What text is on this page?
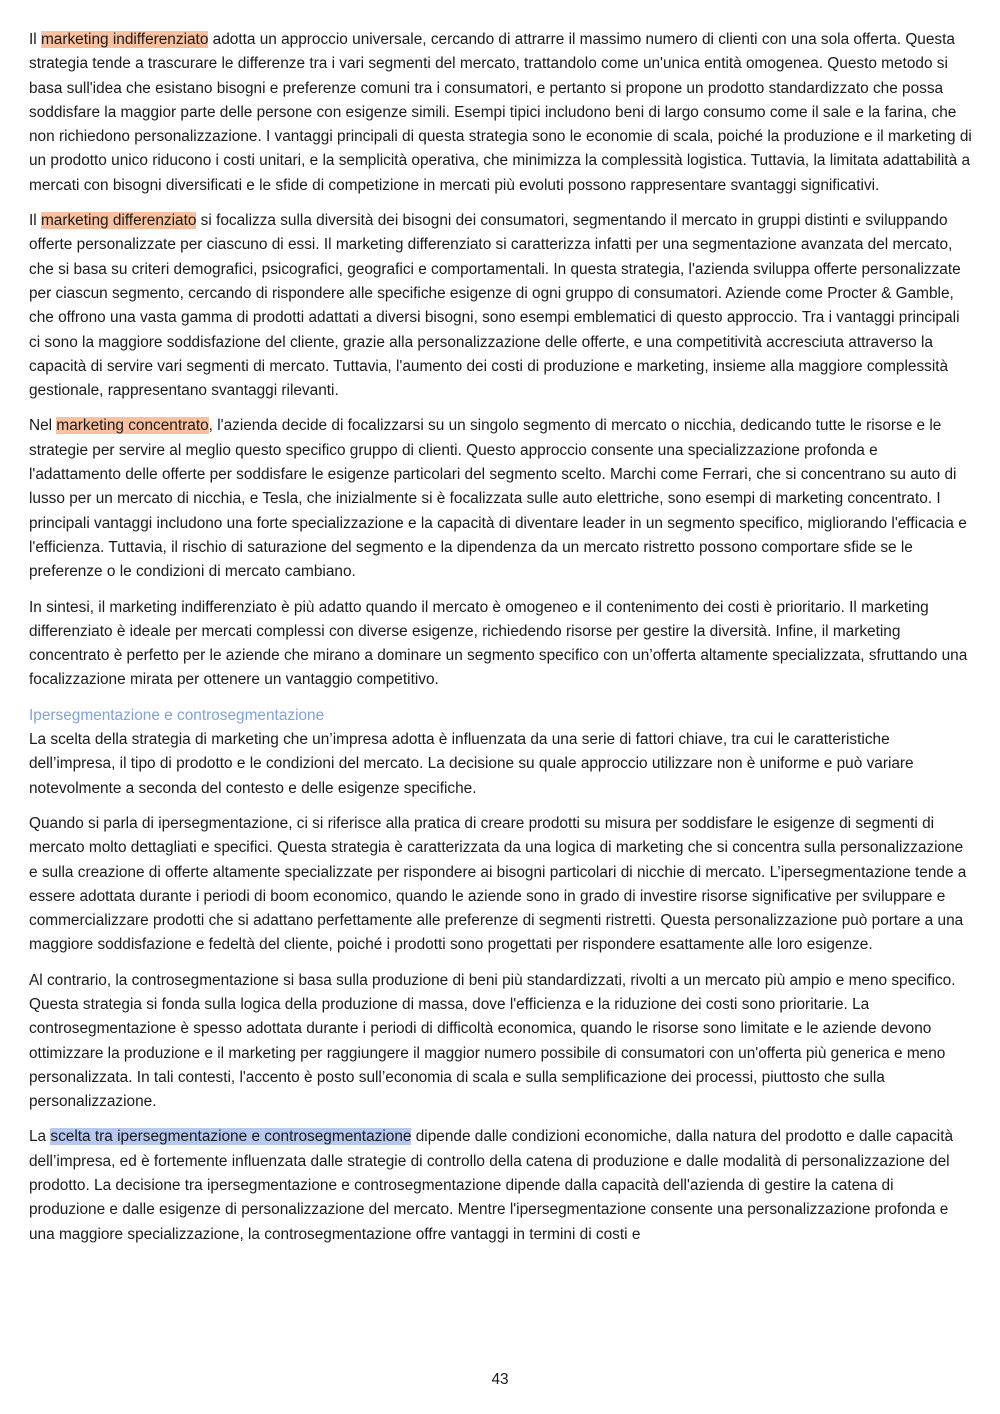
Il marketing indifferenziato adotta un approccio universale, cercando di attrarre il massimo numero di clienti con una sola offerta. Questa strategia tende a trascurare le differenze tra i vari segmenti del mercato, trattandolo come un'unica entità omogenea. Questo metodo si basa sull'idea che esistano bisogni e preferenze comuni tra i consumatori, e pertanto si propone un prodotto standardizzato che possa soddisfare la maggior parte delle persone con esigenze simili. Esempi tipici includono beni di largo consumo come il sale e la farina, che non richiedono personalizzazione. I vantaggi principali di questa strategia sono le economie di scala, poiché la produzione e il marketing di un prodotto unico riducono i costi unitari, e la semplicità operativa, che minimizza la complessità logistica. Tuttavia, la limitata adattabilità a mercati con bisogni diversificati e le sfide di competizione in mercati più evoluti possono rappresentare svantaggi significativi.

Il marketing differenziato si focalizza sulla diversità dei bisogni dei consumatori, segmentando il mercato in gruppi distinti e sviluppando offerte personalizzate per ciascuno di essi. Il marketing differenziato si caratterizza infatti per una segmentazione avanzata del mercato, che si basa su criteri demografici, psicografici, geografici e comportamentali. In questa strategia, l'azienda sviluppa offerte personalizzate per ciascun segmento, cercando di rispondere alle specifiche esigenze di ogni gruppo di consumatori. Aziende come Procter & Gamble, che offrono una vasta gamma di prodotti adattati a diversi bisogni, sono esempi emblematici di questo approccio. Tra i vantaggi principali ci sono la maggiore soddisfazione del cliente, grazie alla personalizzazione delle offerte, e una competitività accresciuta attraverso la capacità di servire vari segmenti di mercato. Tuttavia, l'aumento dei costi di produzione e marketing, insieme alla maggiore complessità gestionale, rappresentano svantaggi rilevanti.

Nel marketing concentrato, l'azienda decide di focalizzarsi su un singolo segmento di mercato o nicchia, dedicando tutte le risorse e le strategie per servire al meglio questo specifico gruppo di clienti. Questo approccio consente una specializzazione profonda e l'adattamento delle offerte per soddisfare le esigenze particolari del segmento scelto. Marchi come Ferrari, che si concentrano su auto di lusso per un mercato di nicchia, e Tesla, che inizialmente si è focalizzata sulle auto elettriche, sono esempi di marketing concentrato. I principali vantaggi includono una forte specializzazione e la capacità di diventare leader in un segmento specifico, migliorando l'efficacia e l'efficienza. Tuttavia, il rischio di saturazione del segmento e la dipendenza da un mercato ristretto possono comportare sfide se le preferenze o le condizioni di mercato cambiano.

In sintesi, il marketing indifferenziato è più adatto quando il mercato è omogeneo e il contenimento dei costi è prioritario. Il marketing differenziato è ideale per mercati complessi con diverse esigenze, richiedendo risorse per gestire la diversità. Infine, il marketing concentrato è perfetto per le aziende che mirano a dominare un segmento specifico con un’offerta altamente specializzata, sfruttando una focalizzazione mirata per ottenere un vantaggio competitivo.

Ipersegmentazione e controsegmentazione

La scelta della strategia di marketing che un’impresa adotta è influenzata da una serie di fattori chiave, tra cui le caratteristiche dell’impresa, il tipo di prodotto e le condizioni del mercato. La decisione su quale approccio utilizzare non è uniforme e può variare notevolmente a seconda del contesto e delle esigenze specifiche.

Quando si parla di ipersegmentazione, ci si riferisce alla pratica di creare prodotti su misura per soddisfare le esigenze di segmenti di mercato molto dettagliati e specifici. Questa strategia è caratterizzata da una logica di marketing che si concentra sulla personalizzazione e sulla creazione di offerte altamente specializzate per rispondere ai bisogni particolari di nicchie di mercato. L’ipersegmentazione tende a essere adottata durante i periodi di boom economico, quando le aziende sono in grado di investire risorse significative per sviluppare e commercializzare prodotti che si adattano perfettamente alle preferenze di segmenti ristretti. Questa personalizzazione può portare a una maggiore soddisfazione e fedeltà del cliente, poiché i prodotti sono progettati per rispondere esattamente alle loro esigenze.

Al contrario, la controsegmentazione si basa sulla produzione di beni più standardizzati, rivolti a un mercato più ampio e meno specifico. Questa strategia si fonda sulla logica della produzione di massa, dove l'efficienza e la riduzione dei costi sono prioritarie. La controsegmentazione è spesso adottata durante i periodi di difficoltà economica, quando le risorse sono limitate e le aziende devono ottimizzare la produzione e il marketing per raggiungere il maggior numero possibile di consumatori con un'offerta più generica e meno personalizzata. In tali contesti, l'accento è posto sull’economia di scala e sulla semplificazione dei processi, piuttosto che sulla personalizzazione.

La scelta tra ipersegmentazione e controsegmentazione dipende dalle condizioni economiche, dalla natura del prodotto e dalle capacità dell’impresa, ed è fortemente influenzata dalle strategie di controllo della catena di produzione e dalle modalità di personalizzazione del prodotto. La decisione tra ipersegmentazione e controsegmentazione dipende dalla capacità dell'azienda di gestire la catena di produzione e dalle esigenze di personalizzazione del mercato. Mentre l'ipersegmentazione consente una personalizzazione profonda e una maggiore specializzazione, la controsegmentazione offre vantaggi in termini di costi e

43
